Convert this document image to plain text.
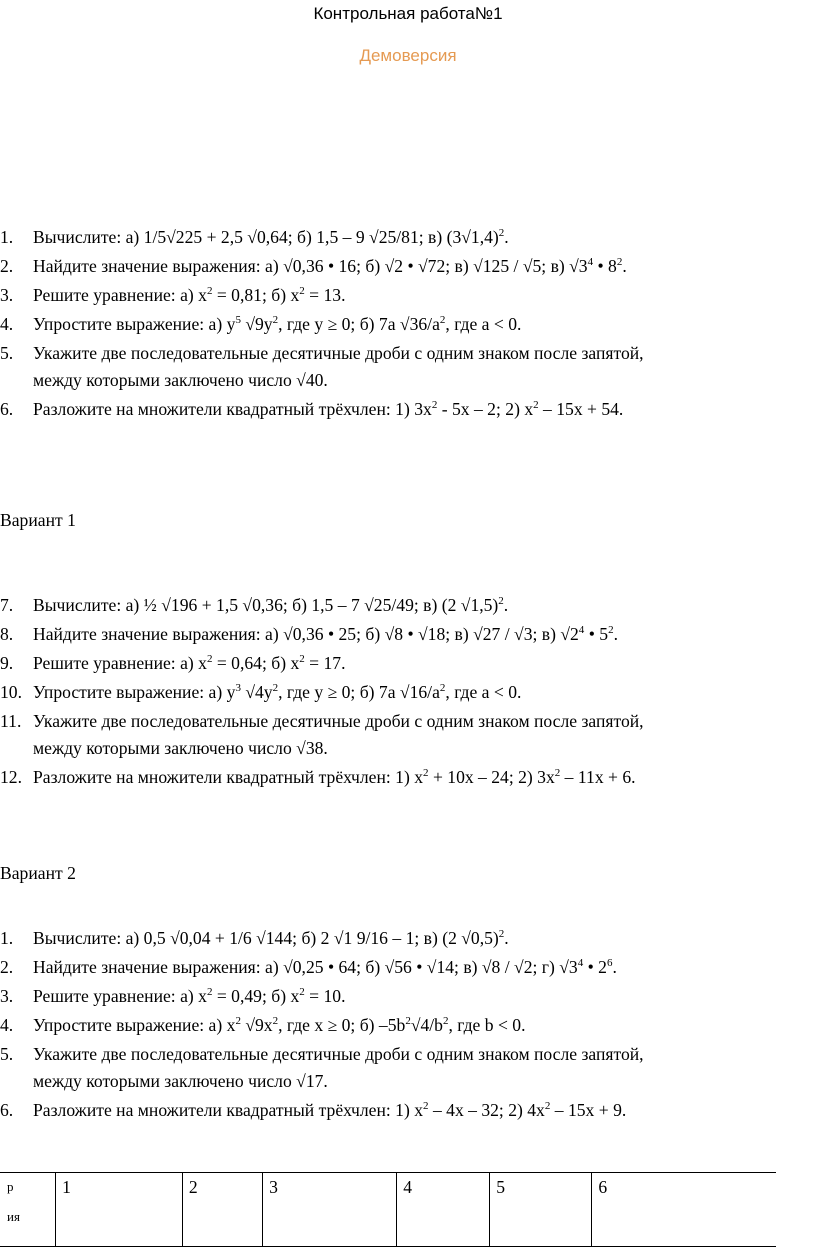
Контрольная работа№1
Демоверсия
1.	Вычислите: а) 1/5√225 + 2,5 √0,64; б) 1,5 – 9 √25/81; в) $(3√1,4)^2$.
2.	Найдите значение выражения: а) √0,36 • 16; б) √2 • √72; в) √125 / √5; в) $√3^4$ • $8^2$.
3.	Решите уравнение: а) $х^2 = 0,81$; б) $х^2 = 13$.
4.	Упростите выражение: а) $у^5$ $√9у^2$, где у ≥ 0; б) 7а $√36/а^2$, где а < 0.
5.	Укажите две последовательные десятичные дроби с одним знаком после запятой,
между которыми заключено число √40.
6.	Разложите на множители квадратный трёхчлен: 1) $3х^2 - 5х - 2$; 2) $х^2 - 15х + 54$.
Вариант 1
7.	Вычислите: а) ½ √196 + 1,5 √0,36; б) 1,5 – 7 √25/49; в) (2 √1,5)$^2$.
8.	Найдите значение выражения: а) √0,36 • 25; б) √8 • √18; в) √27 / √3; в) $√2^4$ • $5^2$.
9.	Решите уравнение: а) $х^2 = 0,64$; б) $х^2 = 17$.
10. Упростите выражение: а) $у^3$ $√4у^2$, где у ≥ 0; б) 7а $√16/а^2$, где а < 0.
11. Укажите две последовательные десятичные дроби с одним знаком после запятой,
между которыми заключено число √38.
12. Разложите на множители квадратный трёхчлен: 1) $х^2 + 10х - 24$; 2) $3х^2 - 11х + 6$.
Вариант 2
1.	Вычислите: а) 0,5 √0,04 + 1/6 √144; б) 2 √1 9/16 – 1; в) (2 √0,5)$^2$.
2.	Найдите значение выражения: а) √0,25 • 64; б) √56 • √14; в) √8 / √2; г) $√3^4$ • $2^6$.
3.	Решите уравнение: а) $х^2 = 0,49$; б) $х^2 = 10$.
4.	Упростите выражение: а) $х^2$ $√9х^2$, где х ≥ 0; б) $-5b^2√4/b^2$, где b < 0.
5.	Укажите две последовательные десятичные дроби с одним знаком после запятой,
между которыми заключено число √17.
6.	Разложите на множители квадратный трёхчлен: 1) $х^2 - 4х - 32$; 2) $4х^2 - 15х + 9$.
р
ия
	1	2	3	4	5	6
